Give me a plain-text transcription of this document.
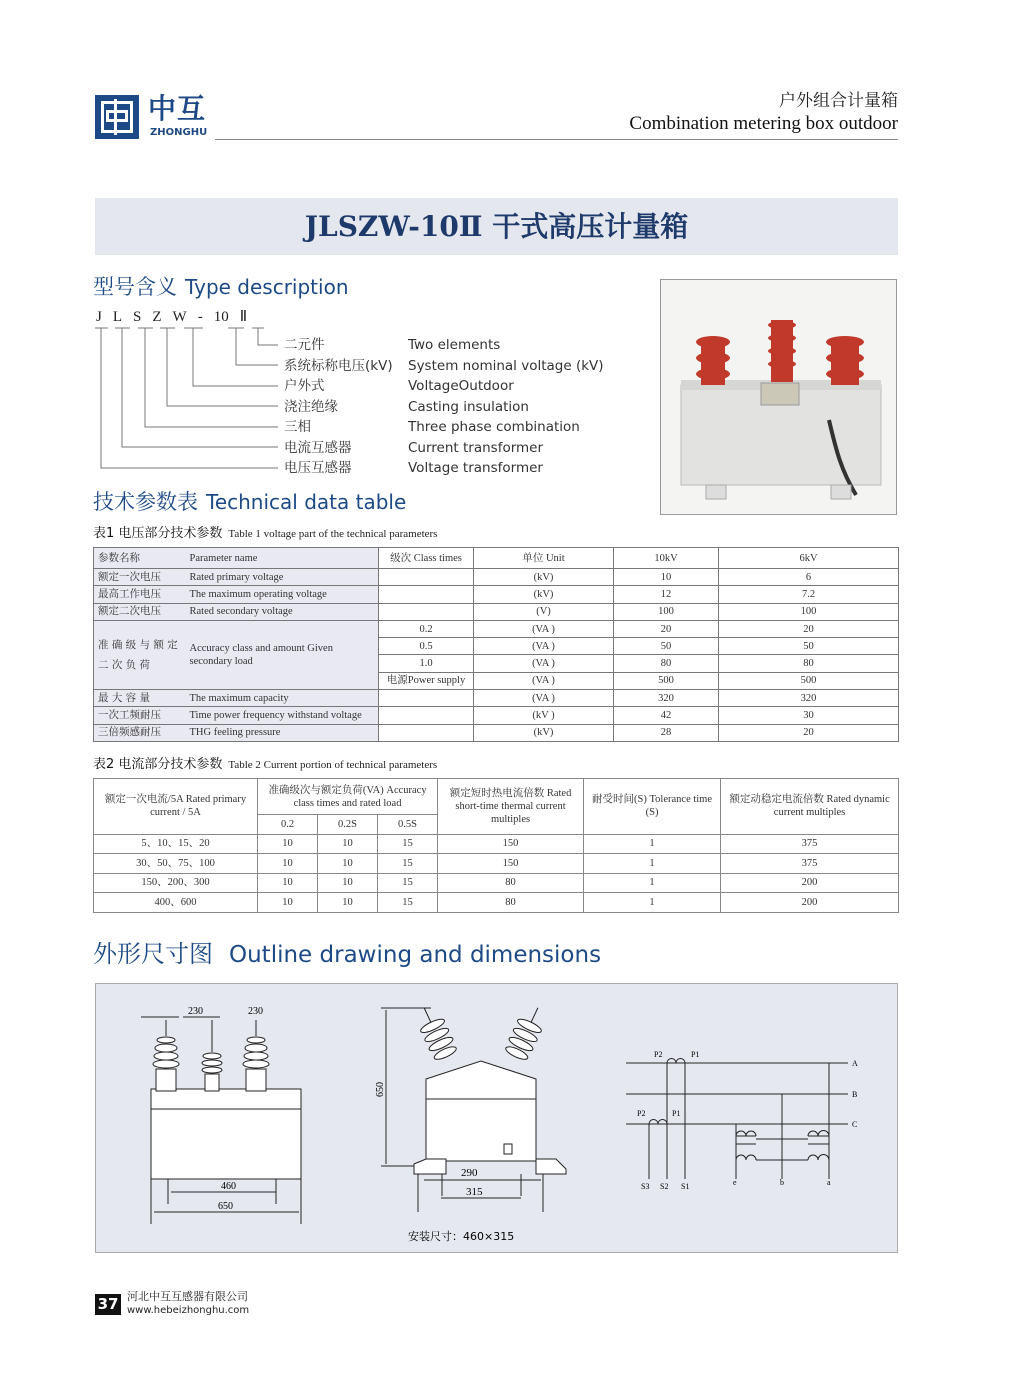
中互
ZHONGHU
户外组合计量箱
Combination metering box outdoor
JLSZW-10Ⅱ 干式高压计量箱
型号含义 Type description
J L S Z W - 10 Ⅱ
二元件	Two elements
系统标称电压(kV) System nominal voltage (kV)
户外式	VoltageOutdoor
浇注绝缘	Casting insulation
三相	Three phase combination
电流互感器	Current transformer
电压互感器	Voltage transformer
技术参数表 Technical data table
表1 电压部分技术参数 Table 1 voltage part of the technical parameters
参数名称	Parameter name	级次 Class times	单位 Unit	10kV	6kV
额定一次电压	Rated primary voltage		(kV)	10	6
最高工作电压	The maximum operating voltage		(kV)	12	7.2
额定二次电压	Rated secondary voltage		(V)	100	100
准 确 级 与 额 定 二 次 负 荷	Accuracy class and amount Given secondary load	0.2	(VA )	20	20
		0.5	(VA )	50	50
		1.0	(VA )	80	80
		电源Power supply	(VA )	500	500
最 大 容 量	The maximum capacity		(VA )	320	320
一次工频耐压	Time power frequency withstand voltage		(kV )	42	30
三倍频感耐压	THG feeling pressure		(kV)	28	20
表2 电流部分技术参数 Table 2 Current portion of technical parameters
额定一次电流/5A Rated primary current / 5A	准确级次与额定负荷(VA) Accuracy class times and rated load			额定短时热电流倍数 Rated short-time thermal current multiples	耐受时间(S) Tolerance time (S)	额定动稳定电流倍数 Rated dynamic current multiples
	0.2	0.2S	0.5S			
5、10、15、20	10	10	15	150	1	375
30、50、75、100	10	10	15	150	1	375
150、200、300	10	10	15	80	1	200
400、600	10	10	15	80	1	200
外形尺寸图 Outline drawing and dimensions
230	230
460
650
650
290
315
安装尺寸：460×315
P2	P1
P2	P1
A
B
C
S3 S2 S1	e	b	a
37 河北中互互感器有限公司
www.hebeizhonghu.com
